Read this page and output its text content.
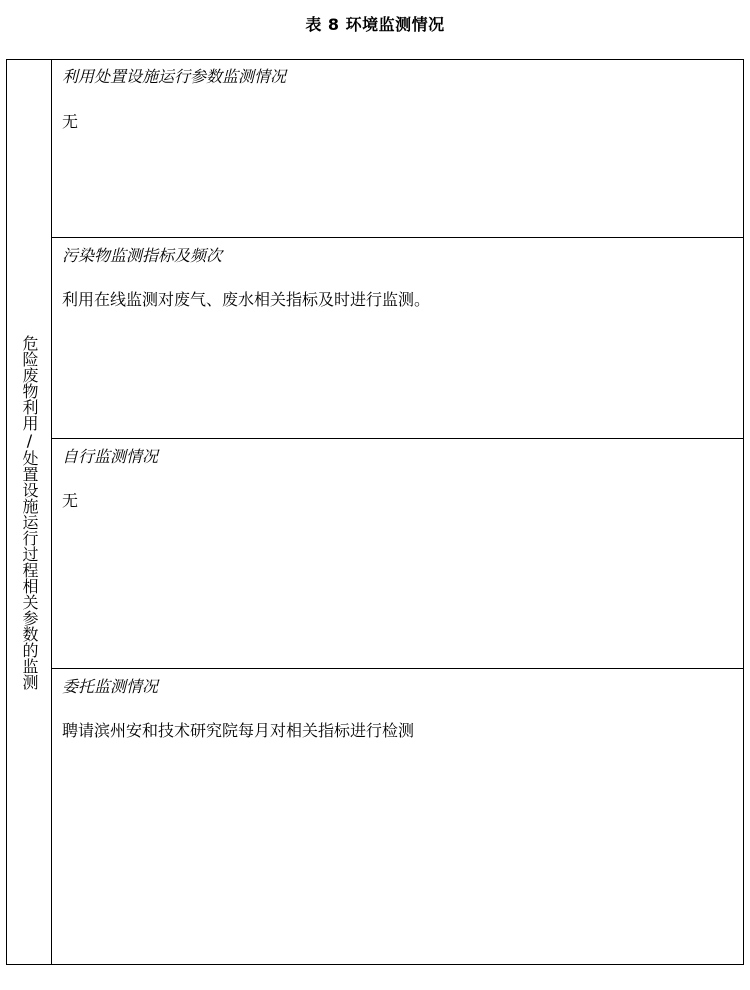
表 8 环境监测情况
危险废物利用/处置设施运行过程相关参数的监测
利用处置设施运行参数监测情况
无
污染物监测指标及频次
利用在线监测对废气、废水相关指标及时进行监测。
自行监测情况
无
委托监测情况
聘请滨州安和技术研究院每月对相关指标进行检测
